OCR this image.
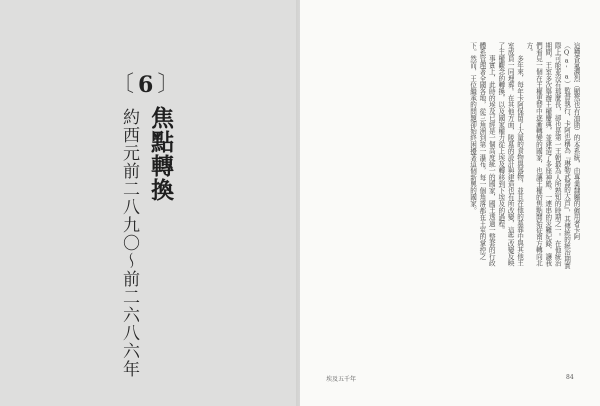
〔 6 〕
焦點轉換
約西元前二八九〇～前二六八六年	這種香氣濃烈（顯然也有油脂）的本系統，由專業隸屬的僱用者卡阿（Qa'a）監督執行，卡阿也稱為『琳勒武器的大首』，其傳統的統治期實際上可能並沒有那麼長，卻也是第一王朝最為人所熟知的時期之一。在他統治期間，王室多次舉辦王權慶典，並建造了多座神殿。一連串的災難紀錄，讓我們看見一個在王權更替中逐漸轉變的國家，也讓王權的焦點開始從南方轉向北方。

多年來，每年卡阿保留了大量的食物與器物，並且在他的墓葬中與其他王室成員一同埋葬。在其他方面，陵墓的設計與建造也有所改變，這些改變反映了王權觀念的轉換，以及國家權力從上埃及轉移到下埃及的過程。

事實上，此時的埃及已經是一個高度統一的國家，國王透過一整套的行政體系管理著全國各地，從三角洲到第一瀑布，每一個角落都在王室的掌控之下。然而，王位繼承的問題卻始終困擾著這個新興的國家。

埃及五千年	84
